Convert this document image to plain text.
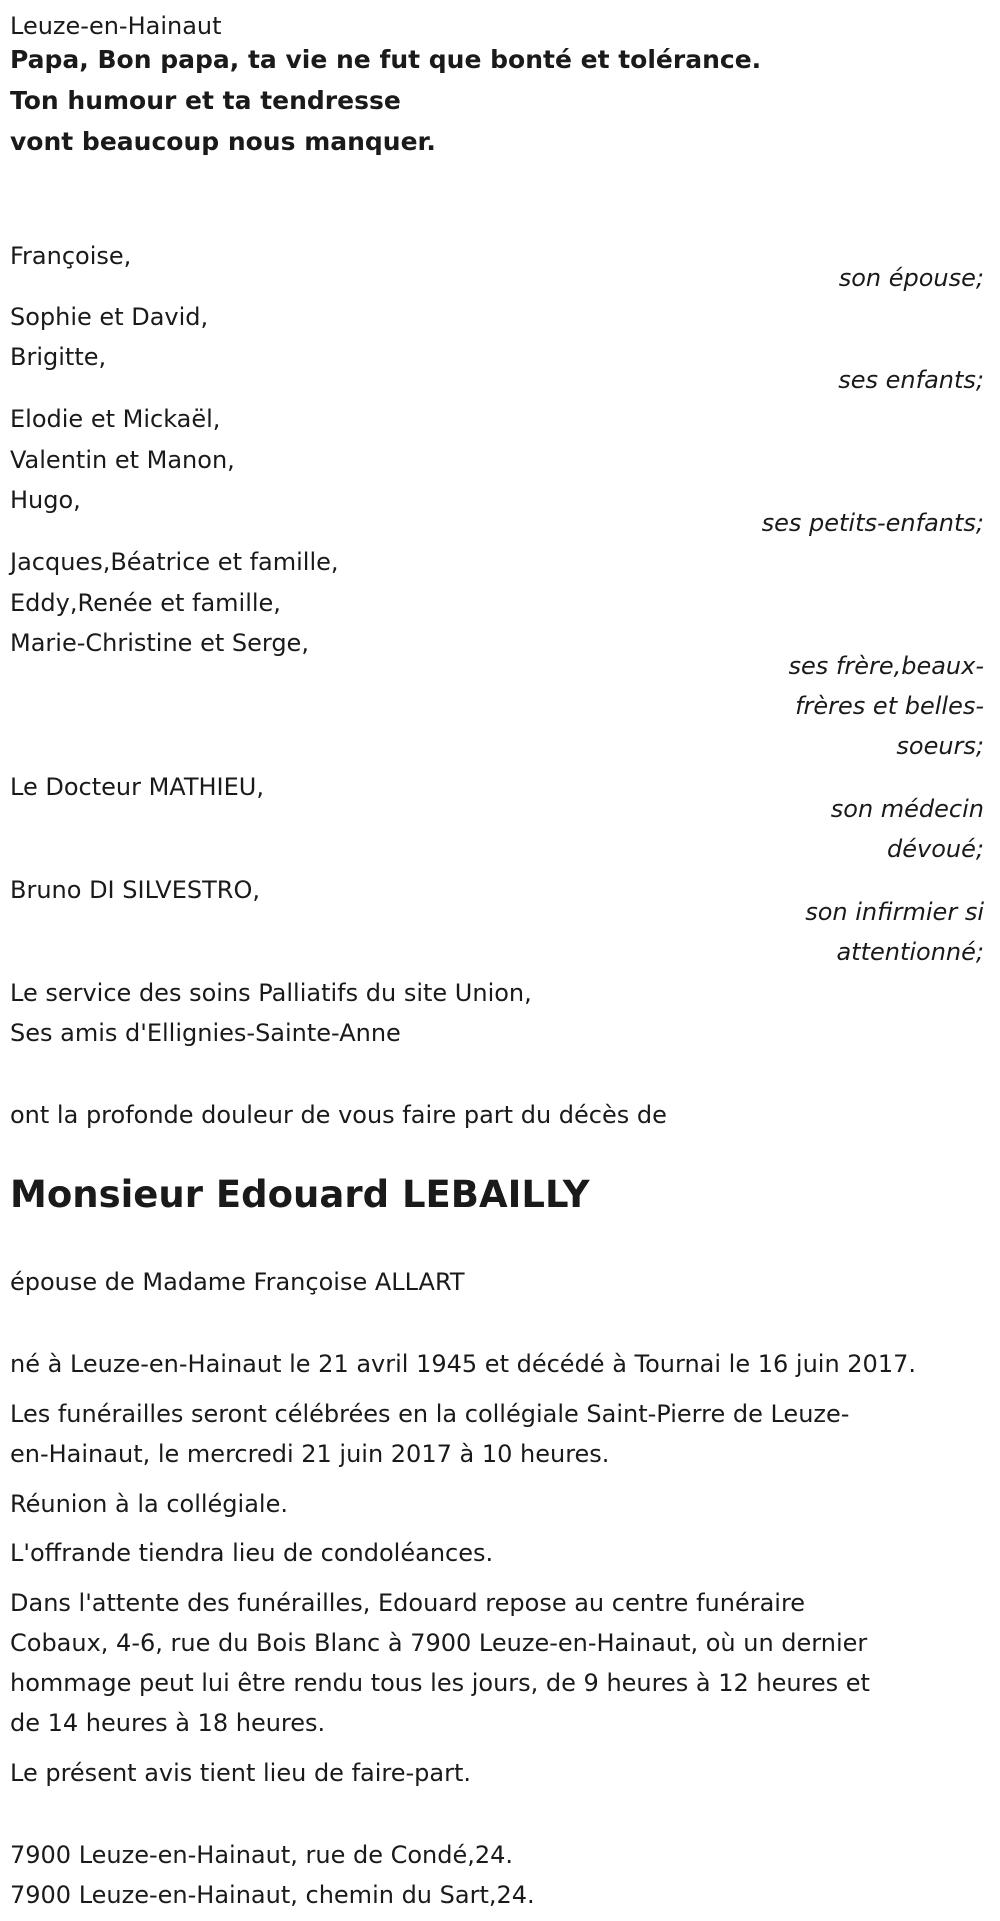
Leuze-en-Hainaut
Papa, Bon papa, ta vie ne fut que bonté et tolérance.
Ton humour et ta tendresse
vont beaucoup nous manquer.
Françoise,
son épouse;
Sophie et David,
Brigitte,
ses enfants;
Elodie et Mickaël,
Valentin et Manon,
Hugo,
ses petits-enfants;
Jacques,Béatrice et famille,
Eddy,Renée et famille,
Marie-Christine et Serge,
ses frère,beaux-
frères et belles-
soeurs;
Le Docteur MATHIEU,
son médecin
dévoué;
Bruno DI SILVESTRO,
son infirmier si
attentionné;
Le service des soins Palliatifs du site Union,
Ses amis d'Ellignies-Sainte-Anne
ont la profonde douleur de vous faire part du décès de
Monsieur Edouard LEBAILLY
épouse de Madame Françoise ALLART
né à Leuze-en-Hainaut le 21 avril 1945 et décédé à Tournai le 16 juin 2017.
Les funérailles seront célébrées en la collégiale Saint-Pierre de Leuze-
en-Hainaut, le mercredi 21 juin 2017 à 10 heures.
Réunion à la collégiale.
L'offrande tiendra lieu de condoléances.
Dans l'attente des funérailles, Edouard repose au centre funéraire
Cobaux, 4-6, rue du Bois Blanc à 7900 Leuze-en-Hainaut, où un dernier
hommage peut lui être rendu tous les jours, de 9 heures à 12 heures et
de 14 heures à 18 heures.
Le présent avis tient lieu de faire-part.
7900 Leuze-en-Hainaut, rue de Condé,24.
7900 Leuze-en-Hainaut, chemin du Sart,24.
